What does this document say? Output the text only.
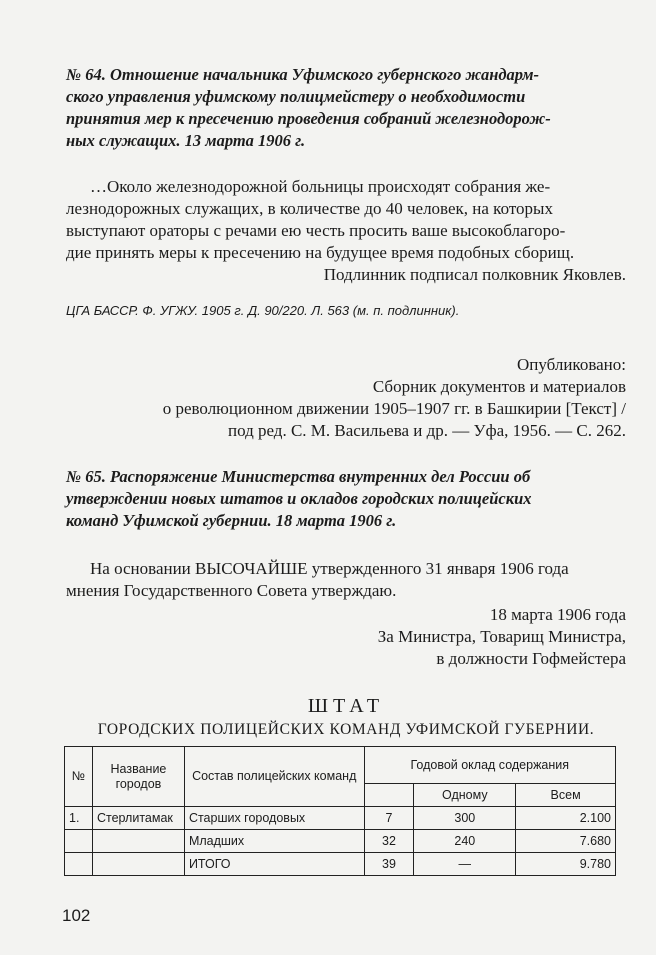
№ 64. Отношение начальника Уфимского губернского жандарм-
ского управления уфимскому полицмейстеру о необходимости
принятия мер к пресечению проведения собраний железнодорож-
ных служащих. 13 марта 1906 г.

…Около железнодорожной больницы происходят собрания же-
лезнодорожных служащих, в количестве до 40 человек, на которых
выступают ораторы с речами ею честь просить ваше высокоблагоро-
дие принять меры к пресечению на будущее время подобных сборищ.

Подлинник подписал полковник Яковлев.

ЦГА БАССР. Ф. УГЖУ. 1905 г. Д. 90/220. Л. 563 (м. п. подлинник).

Опубликовано:
Сборник документов и материалов
о революционном движении 1905–1907 гг. в Башкирии [Текст] /
под ред. С. М. Васильева и др. — Уфа, 1956. — С. 262.

№ 65. Распоряжение Министерства внутренних дел России об
утверждении новых штатов и окладов городских полицейских
команд Уфимской губернии. 18 марта 1906 г.

На основании ВЫСОЧАЙШЕ утвержденного 31 января 1906 года
мнения Государственного Совета утверждаю.

18 марта 1906 года
За Министра, Товарищ Министра,
в должности Гофмейстера

ШТАТ
ГОРОДСКИХ ПОЛИЦЕЙСКИХ КОМАНД УФИМСКОЙ ГУБЕРНИИ.
№	Название городов	Состав полицейских команд	Годовой оклад содержания		
				Одному	Всем
1.	Стерлитамак	Старших городовых	7	300	2.100
		Младших	32	240	7.680
		ИТОГО	39	—	9.780
102
